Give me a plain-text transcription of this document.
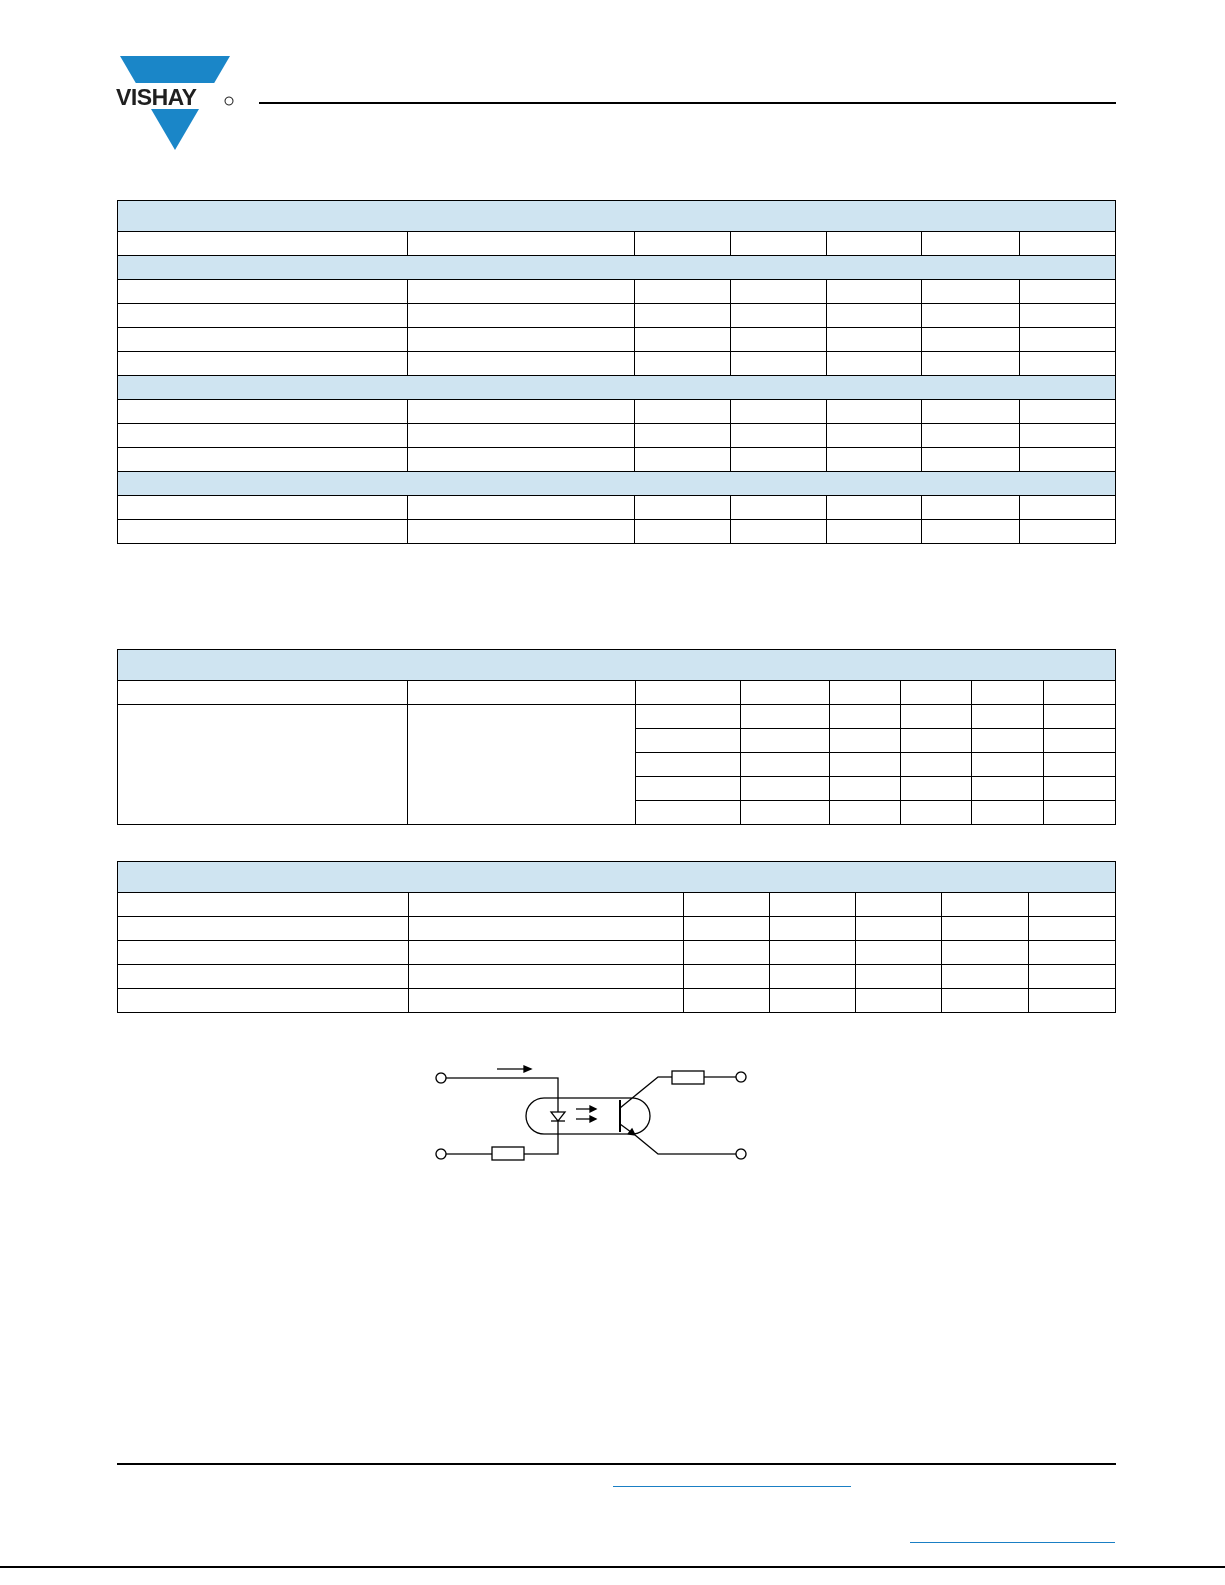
VISHAY
